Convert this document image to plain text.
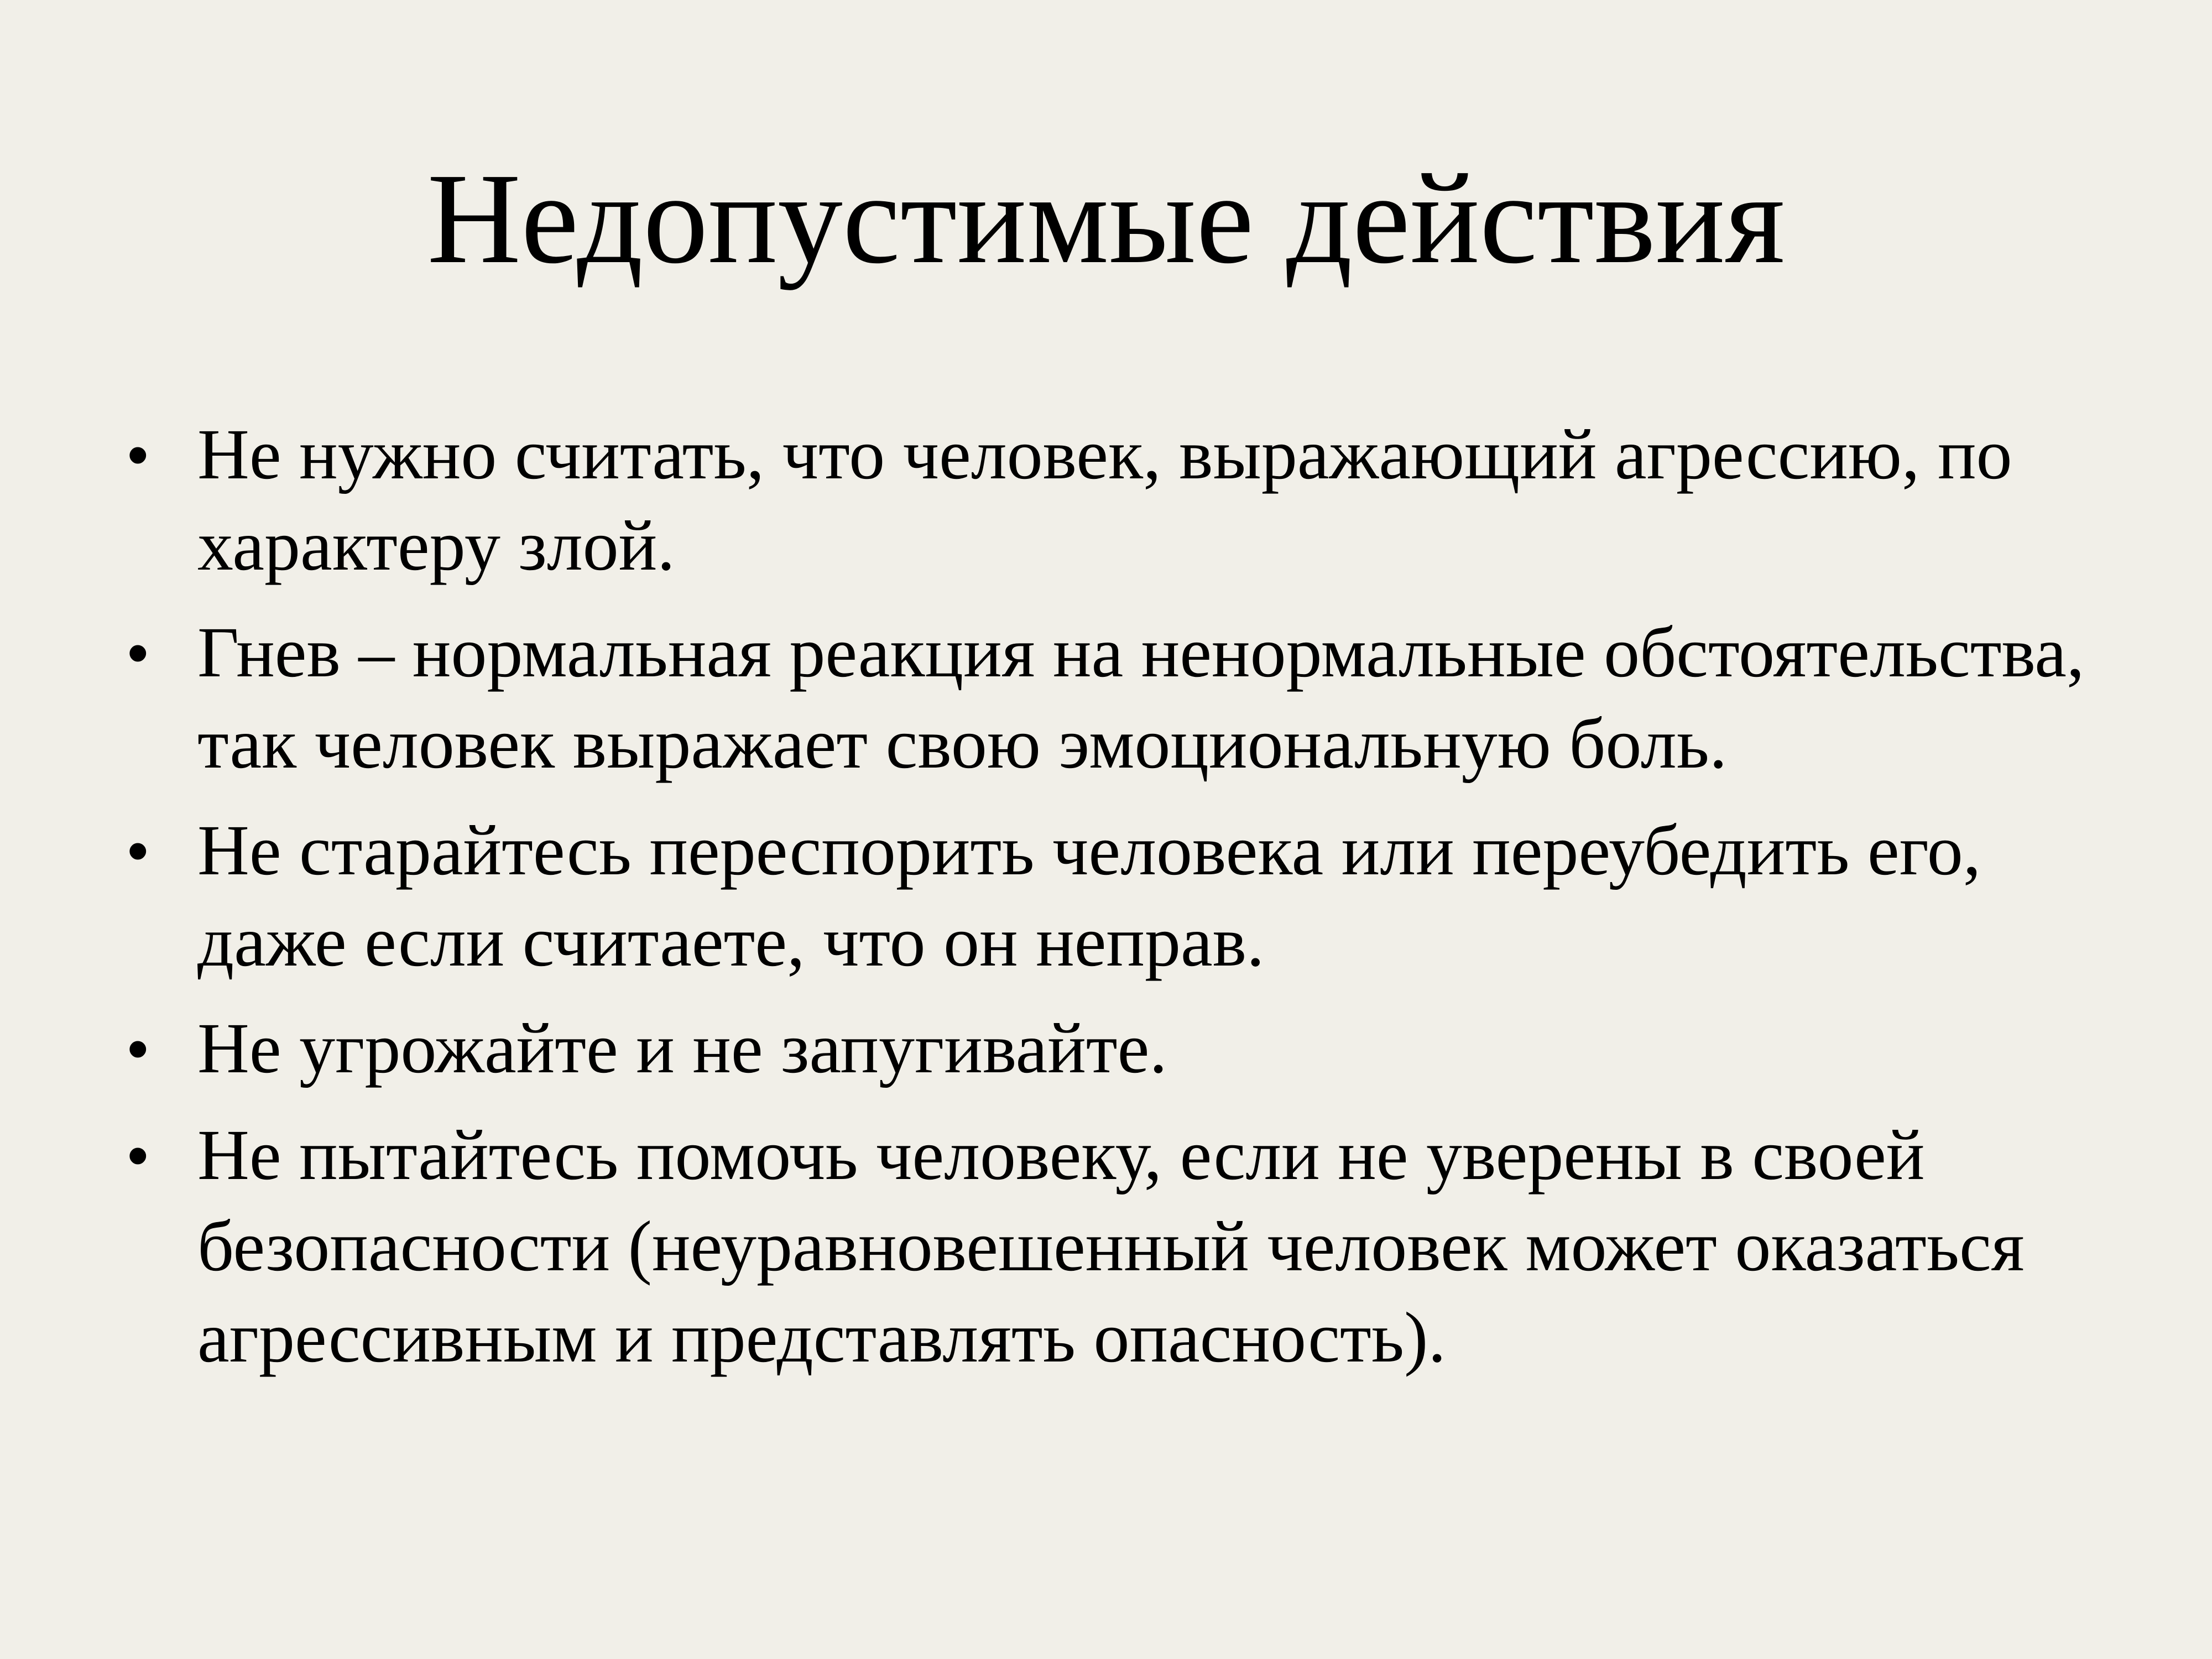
Недопустимые действия
• Не нужно считать, что человек, выражающий агрессию, по характеру злой.
• Гнев – нормальная реакция на ненормальные обстоятельства, так человек выражает свою эмоциональную боль.
• Не старайтесь переспорить человека или переубедить его, даже если считаете, что он неправ.
• Не угрожайте и не запугивайте.
• Не пытайтесь помочь человеку, если не уверены в своей безопасности (неуравновешенный человек может оказаться агрессивным и представлять опасность).
